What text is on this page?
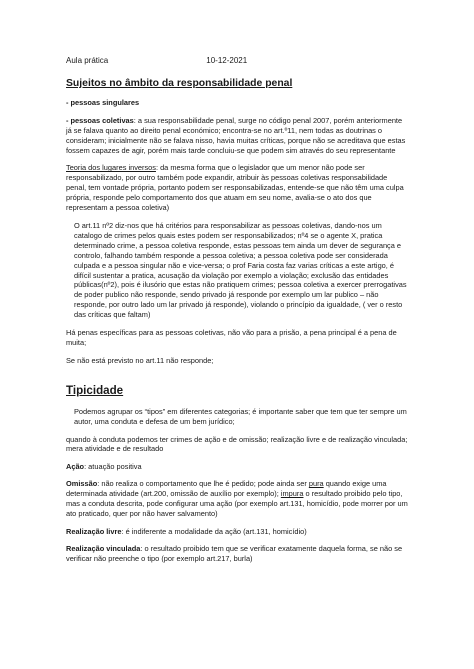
Aula prática	10-12-2021
Sujeitos no âmbito da responsabilidade penal
- pessoas singulares

- pessoas coletivas: a sua responsabilidade penal, surge no código penal 2007, porém anteriormente já se falava quanto ao direito penal económico; encontra-se no art.º11, nem todas as doutrinas o consideram; inicialmente não se falava nisso, havia muitas críticas, porque não se acreditava que estas fossem capazes de agir, porém mais tarde concluiu-se que podem sim através do seu representante

Teoria dos lugares inversos: da mesma forma que o legislador que um menor não pode ser responsabilizado, por outro também pode expandir, atribuir às pessoas coletivas responsabilidade penal, tem vontade própria, portanto podem ser responsabilizadas, entende-se que não têm uma culpa própria, responde pelo comportamento dos que atuam em seu nome, avalia-se o ato dos que representam a pessoa coletiva)

O art.11 nº2 diz-nos que há critérios para responsabilizar as pessoas coletivas, dando-nos um catalogo de crimes pelos quais estes podem ser responsabilizados; nº4 se o agente X, pratica determinado crime, a pessoa coletiva responde, estas pessoas tem ainda um dever de segurança e controlo, falhando também responde a pessoa coletiva; a pessoa coletiva pode ser considerada culpada e a pessoa singular não e vice-versa; o prof Faria costa faz varias críticas a este artigo, é difícil sustentar a pratica, acusação da violação por exemplo a violação; exclusão das entidades públicas(nº2), pois é ilusório que estas não pratiquem crimes; pessoa coletiva a exercer prerrogativas de poder publico não responde, sendo privado já responde por exemplo um lar publico – não responde, por outro lado um lar privado já responde), violando o princípio da igualdade, ( ver o resto das críticas que faltam)

Há penas específicas para as pessoas coletivas, não vão para a prisão, a pena principal é a pena de muita;

Se não está previsto no art.11 não responde;

Tipicidade

Podemos agrupar os “tipos” em diferentes categorias; é importante saber que tem que ter sempre um autor, uma conduta e defesa de um bem jurídico;

quando à conduta podemos ter crimes de ação e de omissão; realização livre e de realização vinculada; mera atividade e de resultado

Ação: atuação positiva

Omissão: não realiza o comportamento que lhe é pedido; pode ainda ser pura quando exige uma determinada atividade (art.200, omissão de auxílio por exemplo); impura o resultado proibido pelo tipo, mas a conduta descrita, pode configurar uma ação (por exemplo art.131, homicídio, pode morrer por um ato praticado, quer por não haver salvamento)

Realização livre: é indiferente a modalidade da ação (art.131, homicídio)

Realização vinculada: o resultado proibido tem que se verificar exatamente daquela forma, se não se verificar não preenche o tipo (por exemplo art.217, burla)
